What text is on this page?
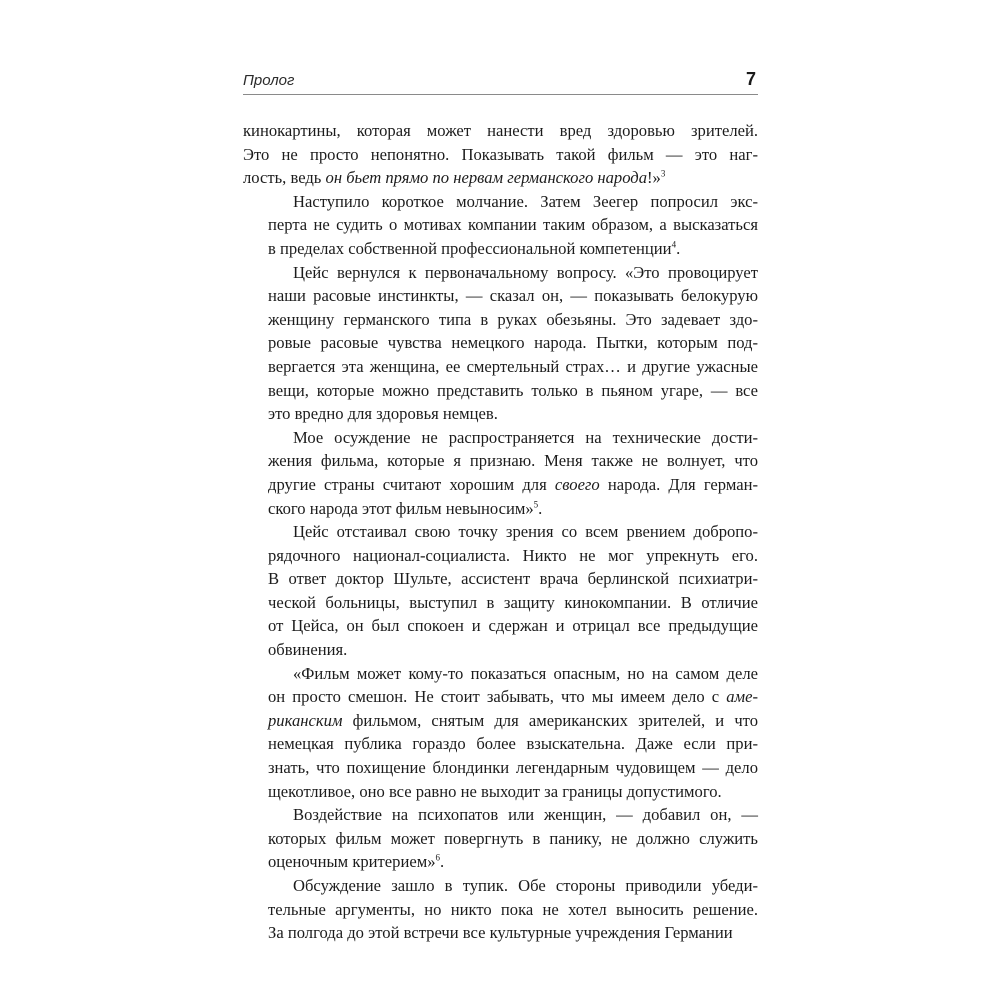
Пролог	7

кинокартины, которая может нанести вред здоровью зрителей.
Это не просто непонятно. Показывать такой фильм — это наг-
лость, ведь он бьет прямо по нервам германского народа!»$^3$

Наступило короткое молчание. Затем Зеегер попросил экс-
перта не судить о мотивах компании таким образом, а высказаться
в пределах собственной профессиональной компетенции$^4$.

Цейс вернулся к первоначальному вопросу. «Это провоцирует
наши расовые инстинкты, — сказал он, — показывать белокурую
женщину германского типа в руках обезьяны. Это задевает здо-
ровые расовые чувства немецкого народа. Пытки, которым под-
вергается эта женщина, ее смертельный страх… и другие ужасные
вещи, которые можно представить только в пьяном угаре, — все
это вредно для здоровья немцев.

Мое осуждение не распространяется на технические дости-
жения фильма, которые я признаю. Меня также не волнует, что
другие страны считают хорошим для своего народа. Для герман-
ского народа этот фильм невыносим»$^5$.

Цейс отстаивал свою точку зрения со всем рвением добропо-
рядочного национал-социалиста. Никто не мог упрекнуть его.
В ответ доктор Шульте, ассистент врача берлинской психиатри-
ческой больницы, выступил в защиту кинокомпании. В отличие
от Цейса, он был спокоен и сдержан и отрицал все предыдущие
обвинения.

«Фильм может кому-то показаться опасным, но на самом деле
он просто смешон. Не стоит забывать, что мы имеем дело с аме-
риканским фильмом, снятым для американских зрителей, и что
немецкая публика гораздо более взыскательна. Даже если при-
знать, что похищение блондинки легендарным чудовищем — дело
щекотливое, оно все равно не выходит за границы допустимого.

Воздействие на психопатов или женщин, — добавил он, —
которых фильм может повергнуть в панику, не должно служить
оценочным критерием»$^6$.

Обсуждение зашло в тупик. Обе стороны приводили убеди-
тельные аргументы, но никто пока не хотел выносить решение.
За полгода до этой встречи все культурные учреждения Германии
